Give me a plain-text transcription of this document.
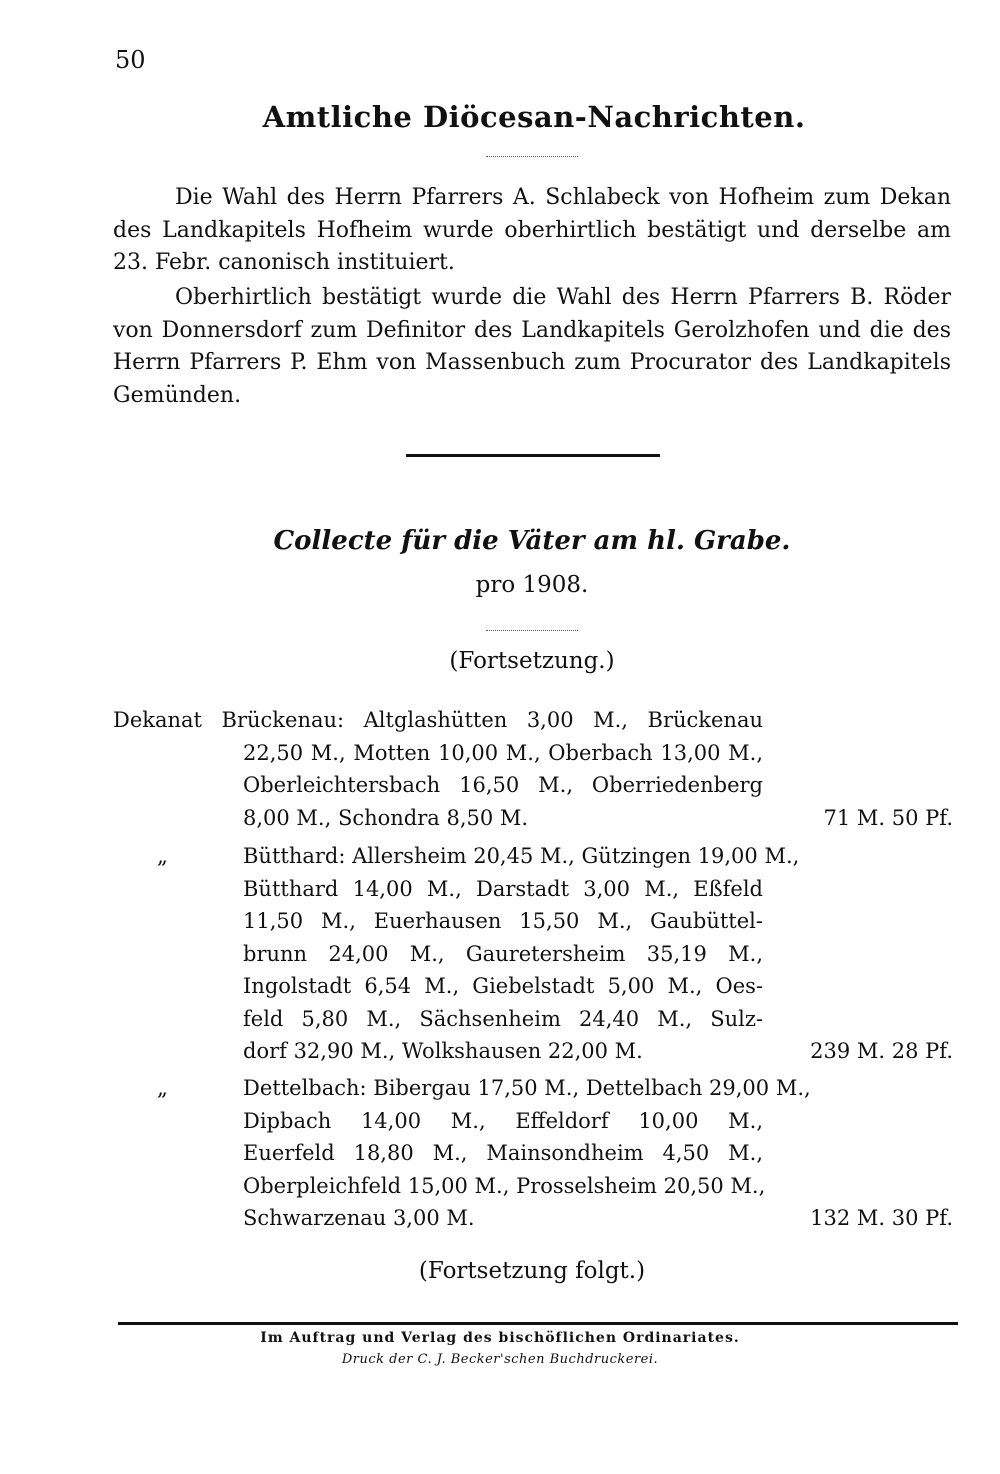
50
Amtliche Diöcesan-Nachrichten.

Die Wahl des Herrn Pfarrers A. Schlabeck von Hofheim zum Dekan des Landkapitels Hofheim wurde oberhirtlich bestätigt und derselbe am 23. Febr. canonisch instituiert.

Oberhirtlich bestätigt wurde die Wahl des Herrn Pfarrers B. Röder von Donnersdorf zum Definitor des Landkapitels Gerolzhofen und die des Herrn Pfarrers P. Ehm von Massenbuch zum Procurator des Landkapitels Gemünden.

Collecte für die Väter am hl. Grabe.
pro 1908.
(Fortsetzung.)
Dekanat Brückenau: Altglashütten 3,00 M., Brückenau
22,50 M., Motten 10,00 M., Oberbach 13,00 M.,
Oberleichtersbach 16,50 M., Oberriedenberg
8,00 M., Schondra 8,50 M.	71 M. 50 Pf.
„	Bütthard: Allersheim 20,45 M., Gützingen 19,00 M.,
Bütthard 14,00 M., Darstadt 3,00 M., Eßfeld
11,50 M., Euerhausen 15,50 M., Gaubüttel-
brunn 24,00 M., Gauretersheim 35,19 M.,
Ingolstadt 6,54 M., Giebelstadt 5,00 M., Oes-
feld 5,80 M., Sächsenheim 24,40 M., Sulz-
dorf 32,90 M., Wolkshausen 22,00 M.	239 M. 28 Pf.
„	Dettelbach: Bibergau 17,50 M., Dettelbach 29,00 M.,
Dipbach 14,00 M., Effeldorf 10,00 M.,
Euerfeld 18,80 M., Mainsondheim 4,50 M.,
Oberpleichfeld 15,00 M., Prosselsheim 20,50 M.,
Schwarzenau 3,00 M.	132 M. 30 Pf.
(Fortsetzung folgt.)
Im Auftrag und Verlag des bischöflichen Ordinariates.
Druck der C. J. Becker'schen Buchdruckerei.
